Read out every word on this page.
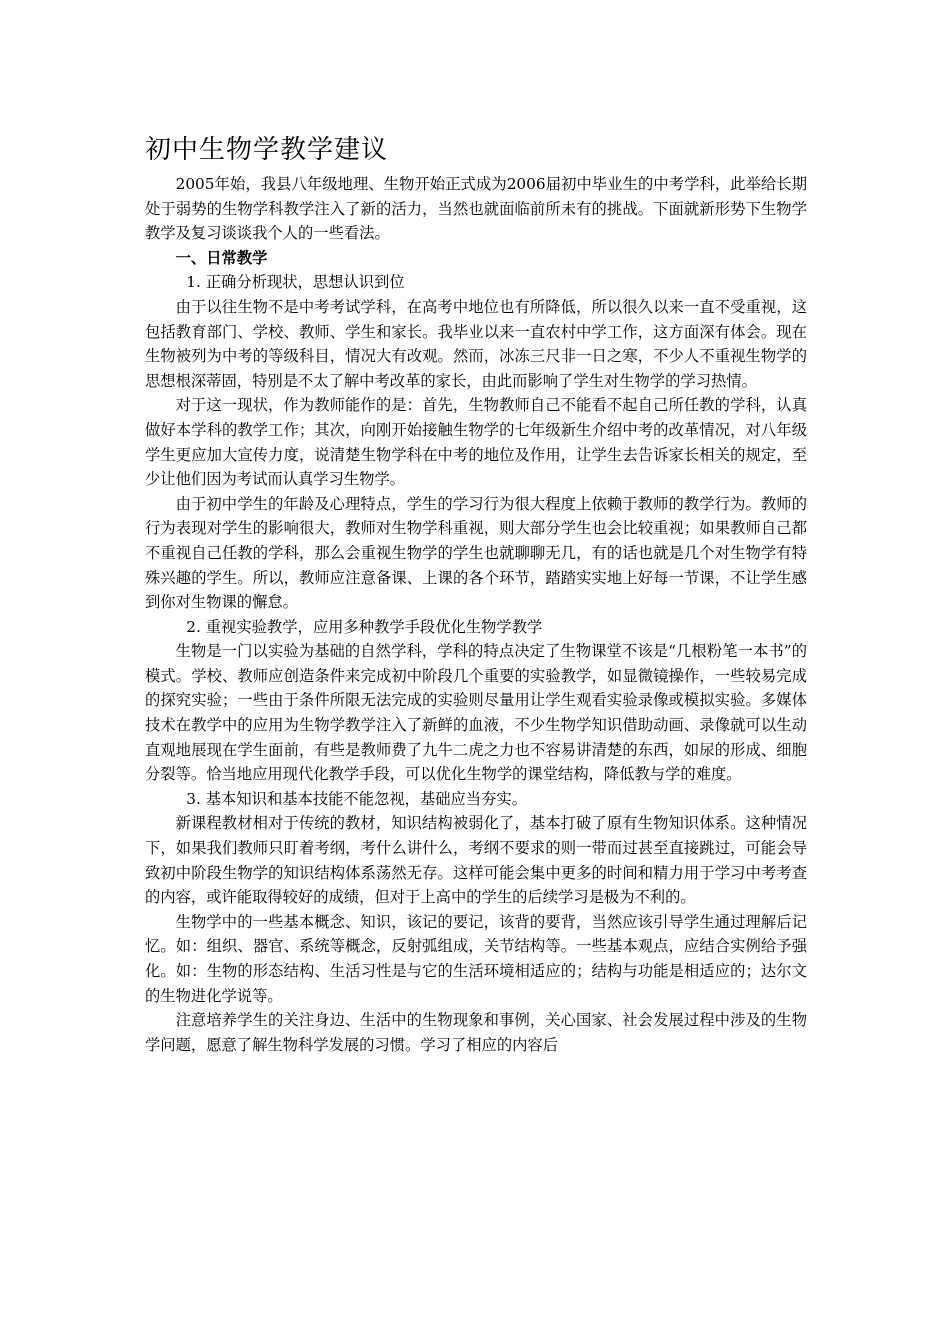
初中生物学教学建议

2005年始，我县八年级地理、生物开始正式成为2006届初中毕业生的中考学科，此举给长期处于弱势的生物学科教学注入了新的活力，当然也就面临前所未有的挑战。下面就新形势下生物学教学及复习谈谈我个人的一些看法。

一、日常教学

1. 正确分析现状，思想认识到位

由于以往生物不是中考考试学科，在高考中地位也有所降低，所以很久以来一直不受重视，这包括教育部门、学校、教师、学生和家长。我毕业以来一直农村中学工作，这方面深有体会。现在生物被列为中考的等级科目，情况大有改观。然而，冰冻三尺非一日之寒，不少人不重视生物学的思想根深蒂固，特别是不太了解中考改革的家长，由此而影响了学生对生物学的学习热情。

对于这一现状，作为教师能作的是：首先，生物教师自己不能看不起自己所任教的学科，认真做好本学科的教学工作；其次，向刚开始接触生物学的七年级新生介绍中考的改革情况，对八年级学生更应加大宣传力度，说清楚生物学科在中考的地位及作用，让学生去告诉家长相关的规定，至少让他们因为考试而认真学习生物学。

由于初中学生的年龄及心理特点，学生的学习行为很大程度上依赖于教师的教学行为。教师的行为表现对学生的影响很大，教师对生物学科重视，则大部分学生也会比较重视；如果教师自己都不重视自己任教的学科，那么会重视生物学的学生也就聊聊无几，有的话也就是几个对生物学有特殊兴趣的学生。所以，教师应注意备课、上课的各个环节，踏踏实实地上好每一节课，不让学生感到你对生物课的懈怠。

2. 重视实验教学，应用多种教学手段优化生物学教学

生物是一门以实验为基础的自然学科，学科的特点决定了生物课堂不该是“几根粉笔一本书”的模式。学校、教师应创造条件来完成初中阶段几个重要的实验教学，如显微镜操作，一些较易完成的探究实验；一些由于条件所限无法完成的实验则尽量用让学生观看实验录像或模拟实验。多媒体技术在教学中的应用为生物学教学注入了新鲜的血液，不少生物学知识借助动画、录像就可以生动直观地展现在学生面前，有些是教师费了九牛二虎之力也不容易讲清楚的东西，如尿的形成、细胞分裂等。恰当地应用现代化教学手段，可以优化生物学的课堂结构，降低教与学的难度。

3. 基本知识和基本技能不能忽视，基础应当夯实。

新课程教材相对于传统的教材，知识结构被弱化了，基本打破了原有生物知识体系。这种情况下，如果我们教师只盯着考纲，考什么讲什么，考纲不要求的则一带而过甚至直接跳过，可能会导致初中阶段生物学的知识结构体系荡然无存。这样可能会集中更多的时间和精力用于学习中考考查的内容，或许能取得较好的成绩，但对于上高中的学生的后续学习是极为不利的。

生物学中的一些基本概念、知识，该记的要记，该背的要背，当然应该引导学生通过理解后记忆。如：组织、器官、系统等概念，反射弧组成，关节结构等。一些基本观点，应结合实例给予强化。如：生物的形态结构、生活习性是与它的生活环境相适应的；结构与功能是相适应的；达尔文的生物进化学说等。

注意培养学生的关注身边、生活中的生物现象和事例，关心国家、社会发展过程中涉及的生物学问题，愿意了解生物科学发展的习惯。学习了相应的内容后
